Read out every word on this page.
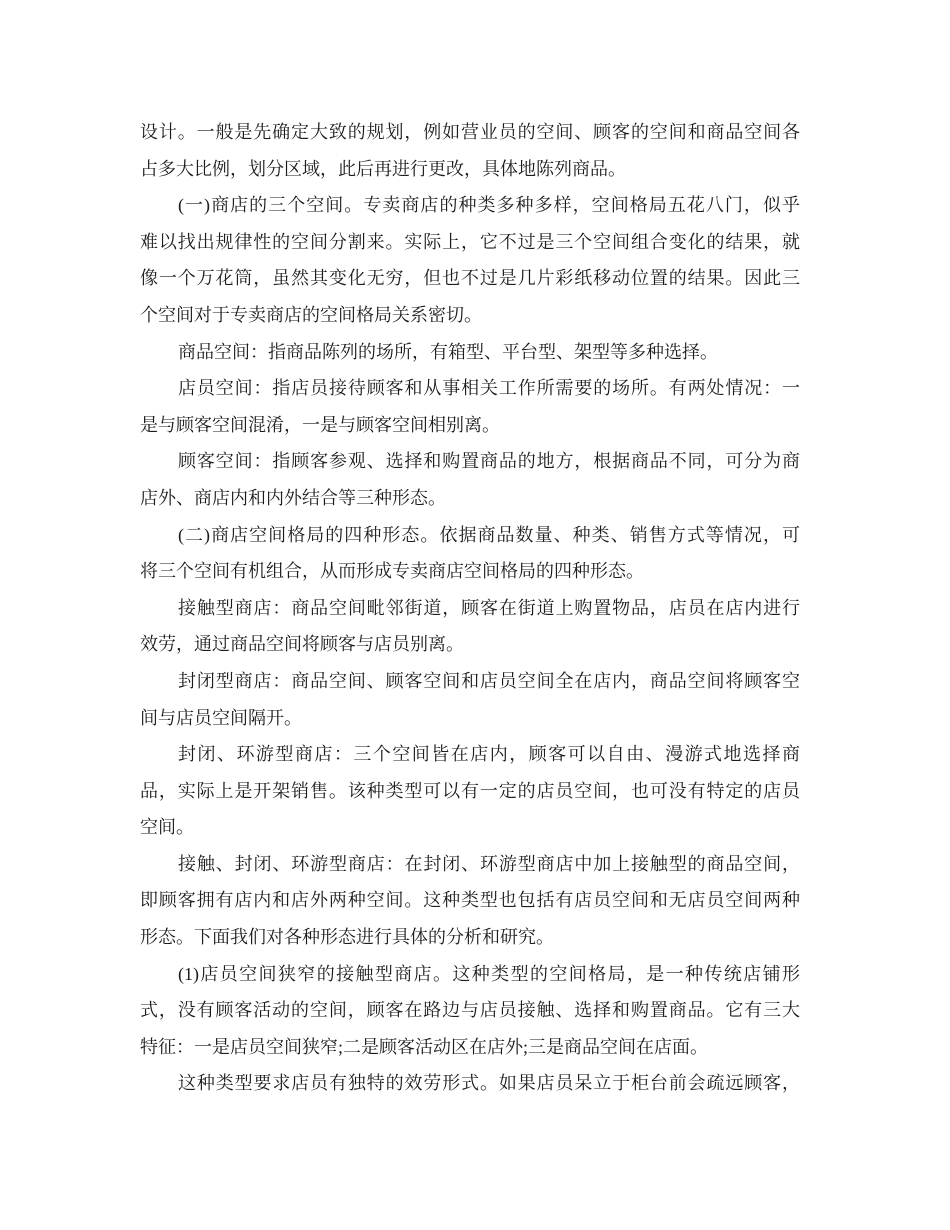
设计。一般是先确定大致的规划，例如营业员的空间、顾客的空间和商品空间各
占多大比例，划分区域，此后再进行更改，具体地陈列商品。
(一)商店的三个空间。专卖商店的种类多种多样，空间格局五花八门，似乎
难以找出规律性的空间分割来。实际上，它不过是三个空间组合变化的结果，就
像一个万花筒，虽然其变化无穷，但也不过是几片彩纸移动位置的结果。因此三
个空间对于专卖商店的空间格局关系密切。
商品空间：指商品陈列的场所，有箱型、平台型、架型等多种选择。
店员空间：指店员接待顾客和从事相关工作所需要的场所。有两处情况：一
是与顾客空间混淆，一是与顾客空间相别离。
顾客空间：指顾客参观、选择和购置商品的地方，根据商品不同，可分为商
店外、商店内和内外结合等三种形态。
(二)商店空间格局的四种形态。依据商品数量、种类、销售方式等情况，可
将三个空间有机组合，从而形成专卖商店空间格局的四种形态。
接触型商店：商品空间毗邻街道，顾客在街道上购置物品，店员在店内进行
效劳，通过商品空间将顾客与店员别离。
封闭型商店：商品空间、顾客空间和店员空间全在店内，商品空间将顾客空
间与店员空间隔开。
封闭、环游型商店：三个空间皆在店内，顾客可以自由、漫游式地选择商
品，实际上是开架销售。该种类型可以有一定的店员空间，也可没有特定的店员
空间。
接触、封闭、环游型商店：在封闭、环游型商店中加上接触型的商品空间，
即顾客拥有店内和店外两种空间。这种类型也包括有店员空间和无店员空间两种
形态。下面我们对各种形态进行具体的分析和研究。
(1)店员空间狭窄的接触型商店。这种类型的空间格局，是一种传统店铺形
式，没有顾客活动的空间，顾客在路边与店员接触、选择和购置商品。它有三大
特征：一是店员空间狭窄;二是顾客活动区在店外;三是商品空间在店面。
这种类型要求店员有独特的效劳形式。如果店员呆立于柜台前会疏远顾客，
